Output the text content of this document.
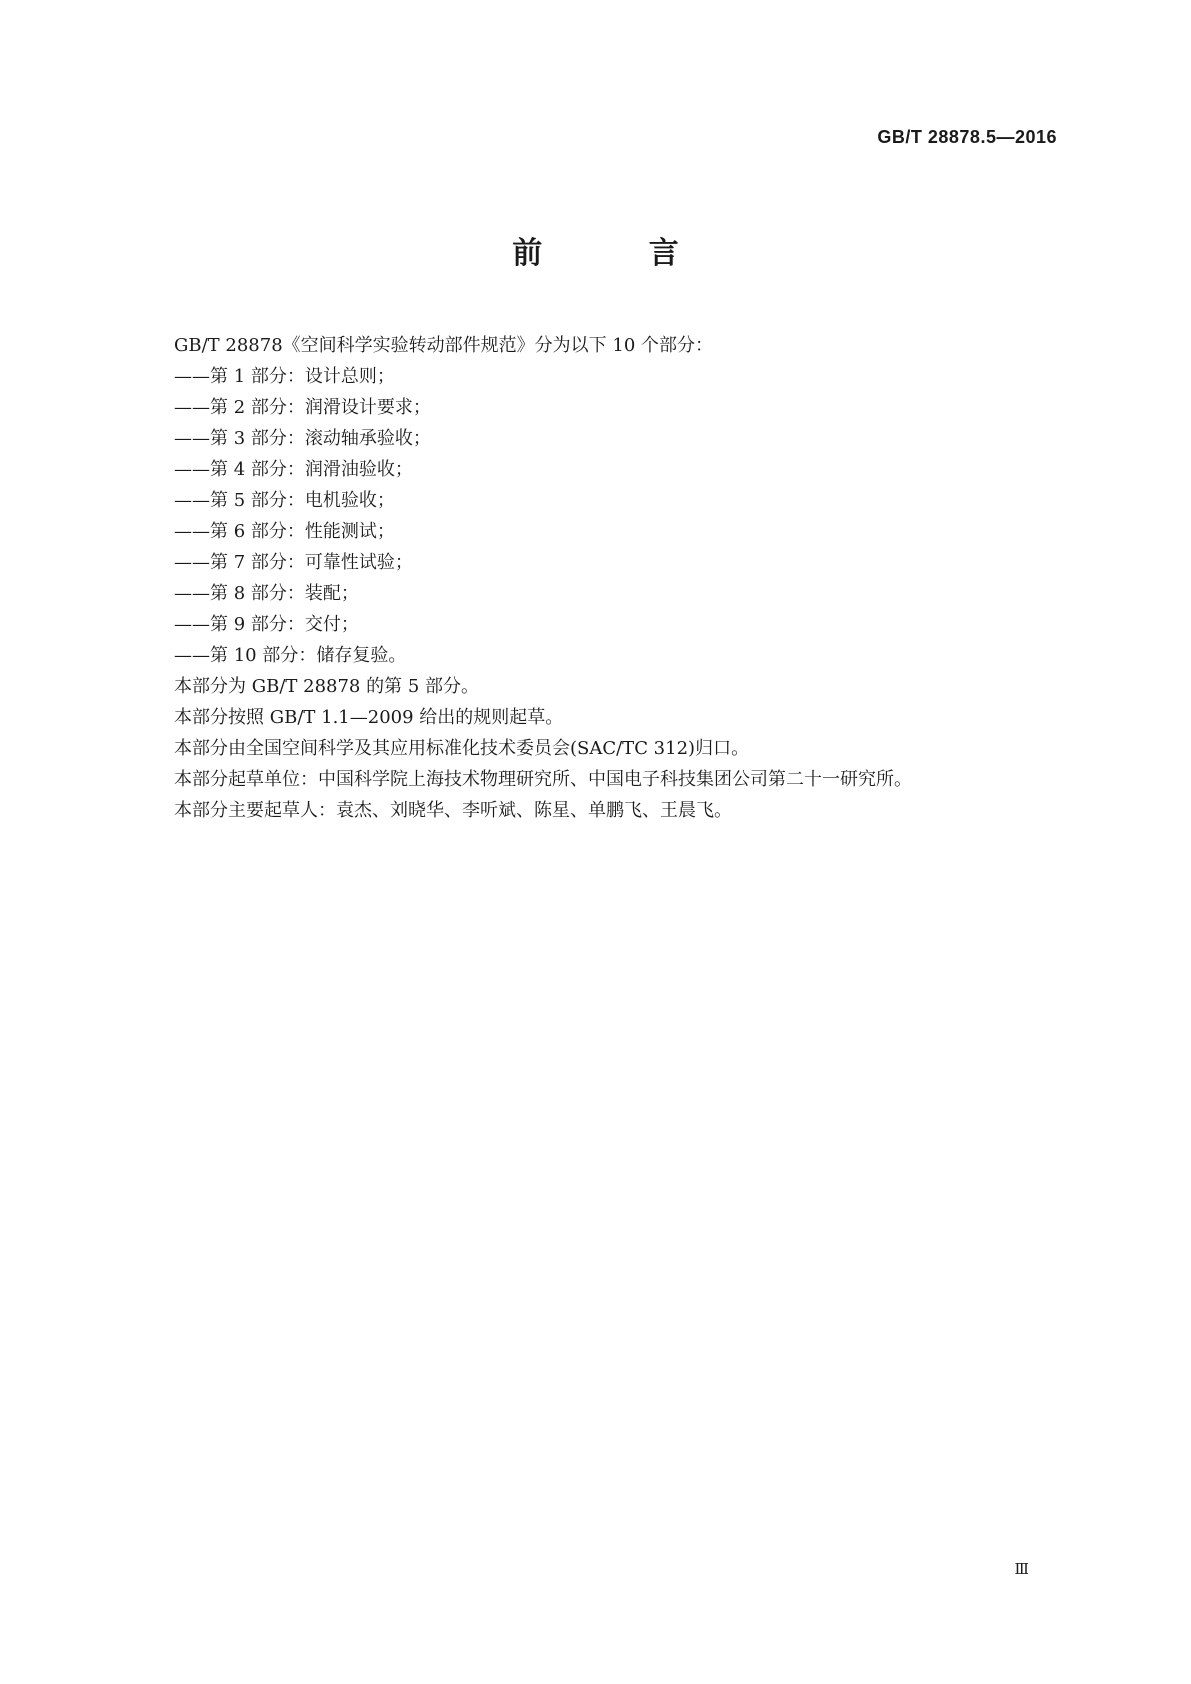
GB/T 28878.5—2016
前 言
GB/T 28878《空间科学实验转动部件规范》分为以下 10 个部分：
——第 1 部分：设计总则；
——第 2 部分：润滑设计要求；
——第 3 部分：滚动轴承验收；
——第 4 部分：润滑油验收；
——第 5 部分：电机验收；
——第 6 部分：性能测试；
——第 7 部分：可靠性试验；
——第 8 部分：装配；
——第 9 部分：交付；
——第 10 部分：储存复验。
本部分为 GB/T 28878 的第 5 部分。
本部分按照 GB/T 1.1—2009 给出的规则起草。
本部分由全国空间科学及其应用标准化技术委员会(SAC/TC 312)归口。
本部分起草单位：中国科学院上海技术物理研究所、中国电子科技集团公司第二十一研究所。
本部分主要起草人：袁杰、刘晓华、李听斌、陈星、单鹏飞、王晨飞。
Ⅲ
